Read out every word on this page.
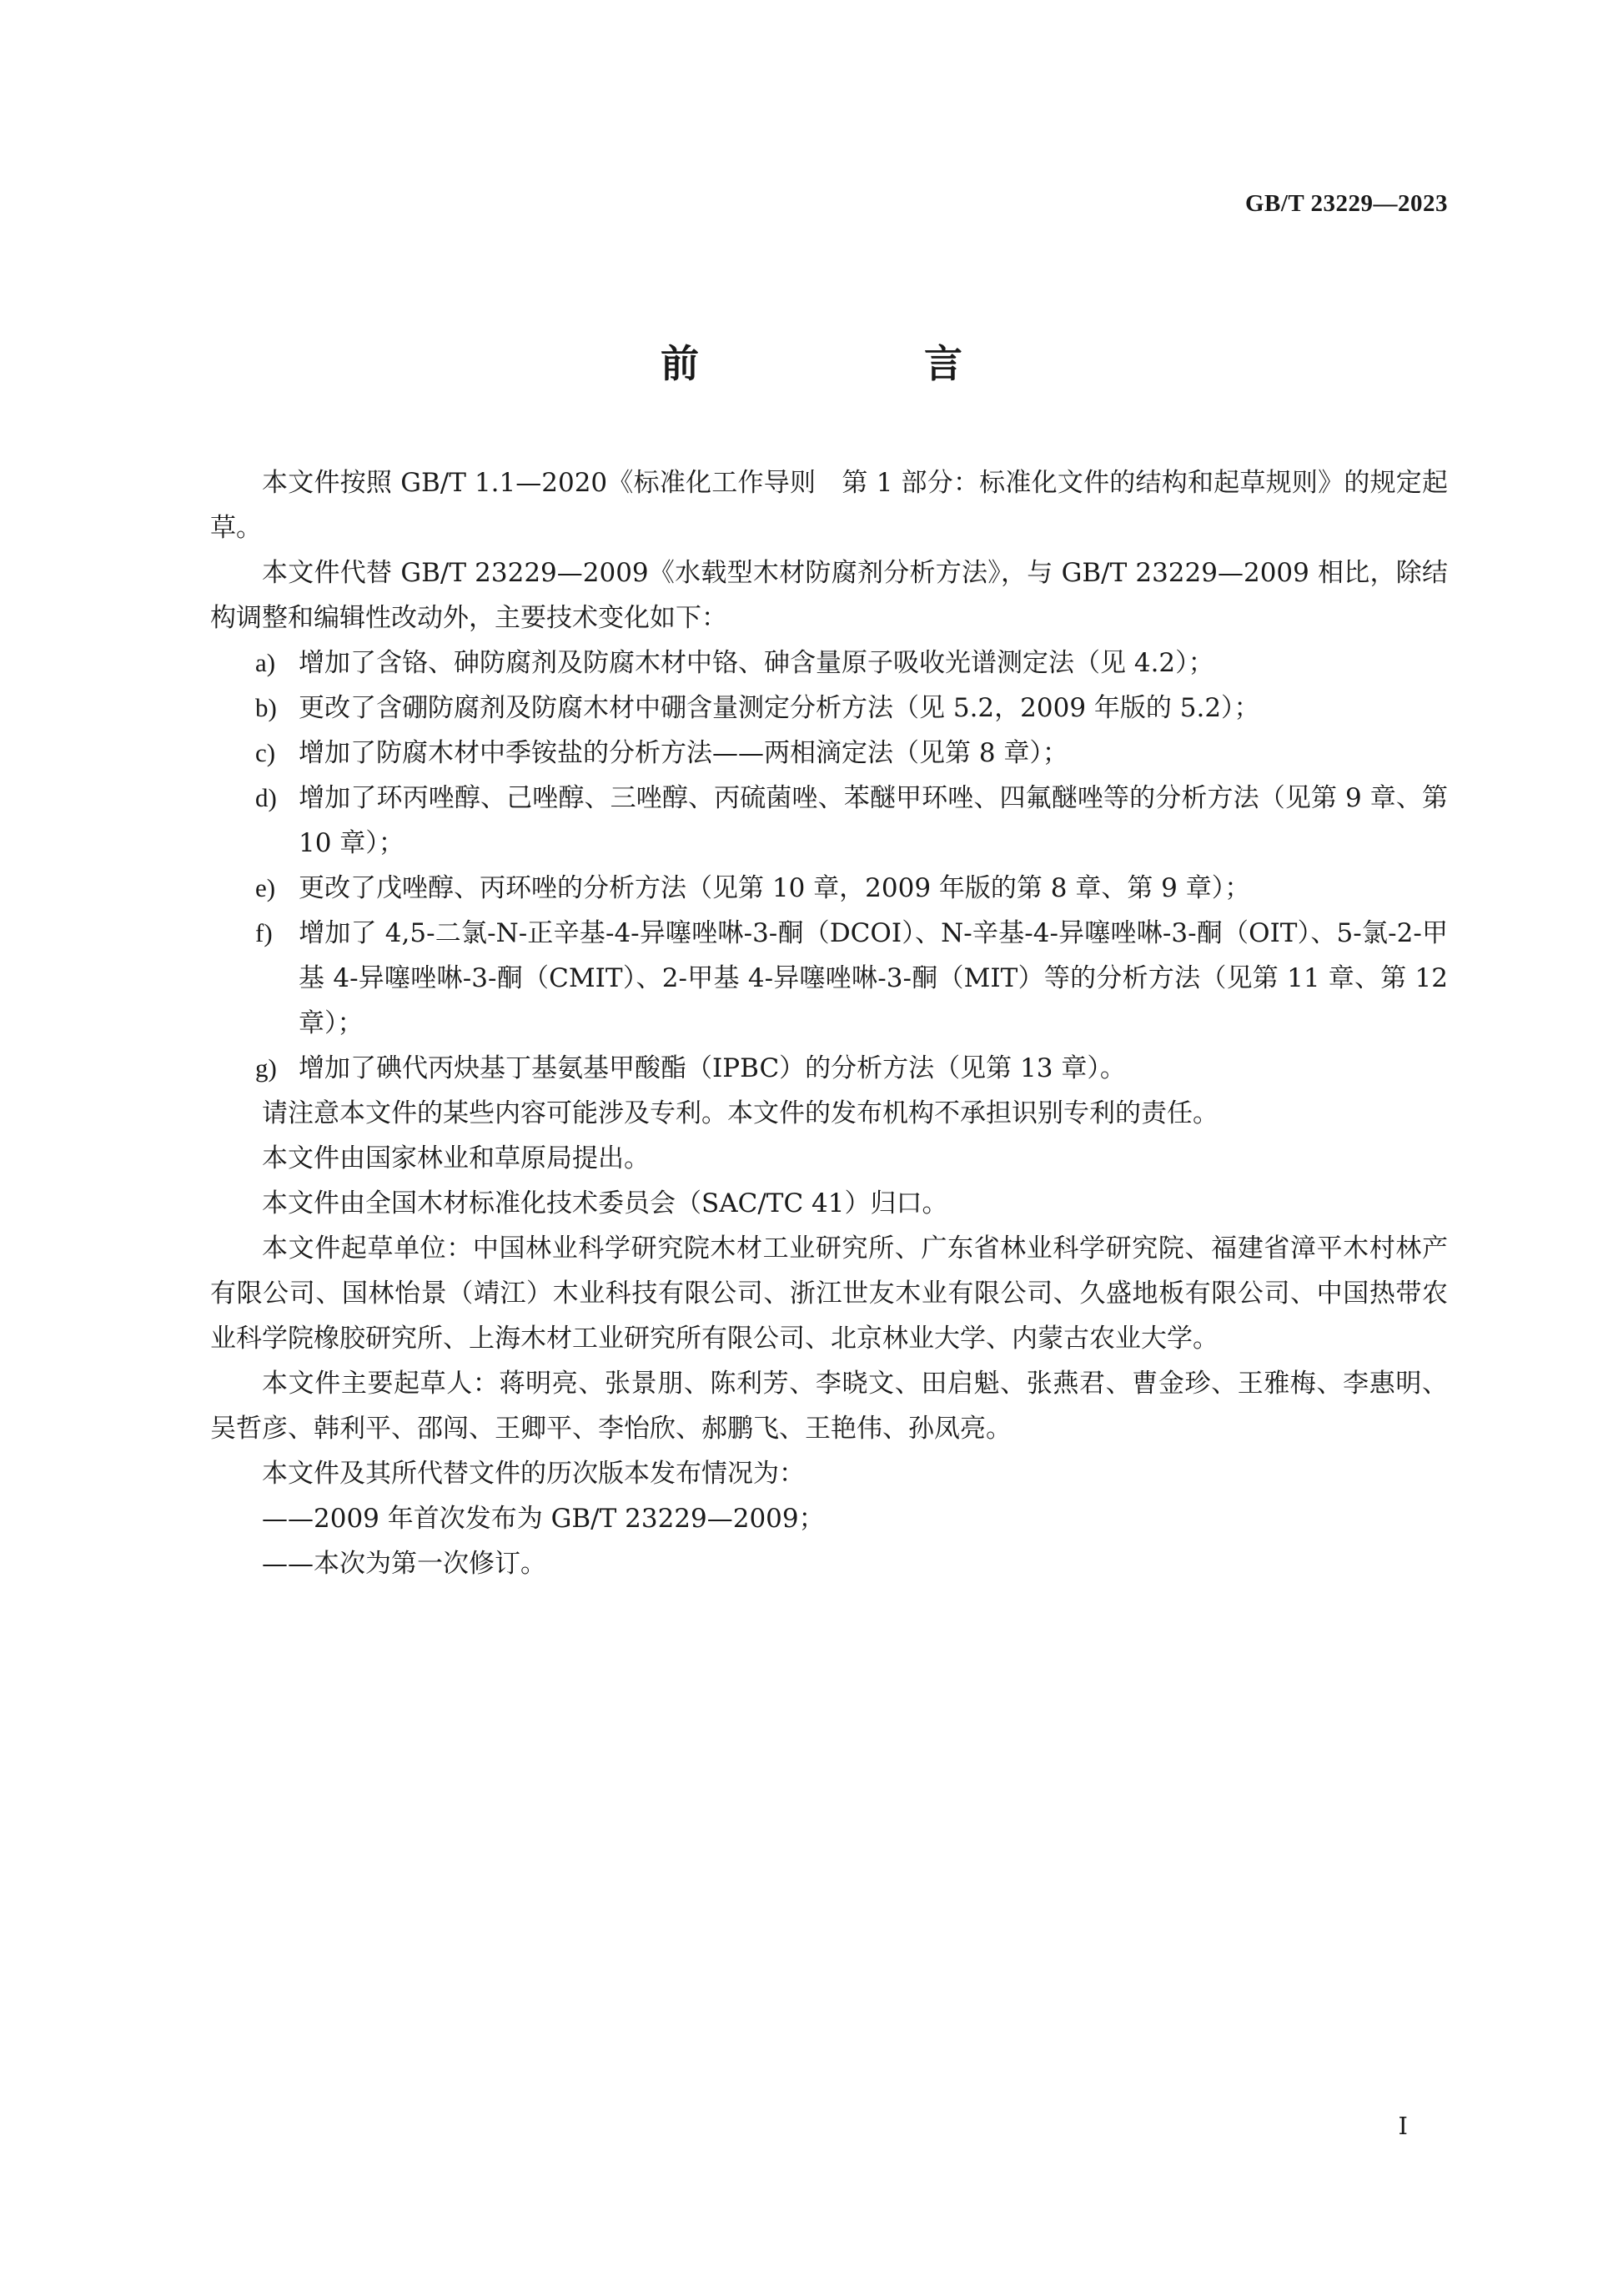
GB/T 23229—2023
前　言

本文件按照 GB/T 1.1—2020《标准化工作导则　第 1 部分：标准化文件的结构和起草规则》的规定起草。

本文件代替 GB/T 23229—2009《水载型木材防腐剂分析方法》，与 GB/T 23229—2009 相比，除结构调整和编辑性改动外，主要技术变化如下：

a) 增加了含铬、砷防腐剂及防腐木材中铬、砷含量原子吸收光谱测定法（见 4.2）；

b) 更改了含硼防腐剂及防腐木材中硼含量测定分析方法（见 5.2，2009 年版的 5.2）；

c) 增加了防腐木材中季铵盐的分析方法——两相滴定法（见第 8 章）；

d) 增加了环丙唑醇、己唑醇、三唑醇、丙硫菌唑、苯醚甲环唑、四氟醚唑等的分析方法（见第 9 章、第 10 章）；

e) 更改了戊唑醇、丙环唑的分析方法（见第 10 章，2009 年版的第 8 章、第 9 章）；

f) 增加了 4,5-二氯-N-正辛基-4-异噻唑啉-3-酮（DCOI）、N-辛基-4-异噻唑啉-3-酮（OIT）、5-氯-2-甲基 4-异噻唑啉-3-酮（CMIT）、2-甲基 4-异噻唑啉-3-酮（MIT）等的分析方法（见第 11 章、第 12 章）；

g) 增加了碘代丙炔基丁基氨基甲酸酯（IPBC）的分析方法（见第 13 章）。

请注意本文件的某些内容可能涉及专利。本文件的发布机构不承担识别专利的责任。

本文件由国家林业和草原局提出。

本文件由全国木材标准化技术委员会（SAC/TC 41）归口。

本文件起草单位：中国林业科学研究院木材工业研究所、广东省林业科学研究院、福建省漳平木村林产有限公司、国林怡景（靖江）木业科技有限公司、浙江世友木业有限公司、久盛地板有限公司、中国热带农业科学院橡胶研究所、上海木材工业研究所有限公司、北京林业大学、内蒙古农业大学。

本文件主要起草人：蒋明亮、张景朋、陈利芳、李晓文、田启魁、张燕君、曹金珍、王雅梅、李惠明、吴哲彦、韩利平、邵闯、王卿平、李怡欣、郝鹏飞、王艳伟、孙凤亮。

本文件及其所代替文件的历次版本发布情况为：

——2009 年首次发布为 GB/T 23229—2009；

——本次为第一次修订。

Ⅰ
